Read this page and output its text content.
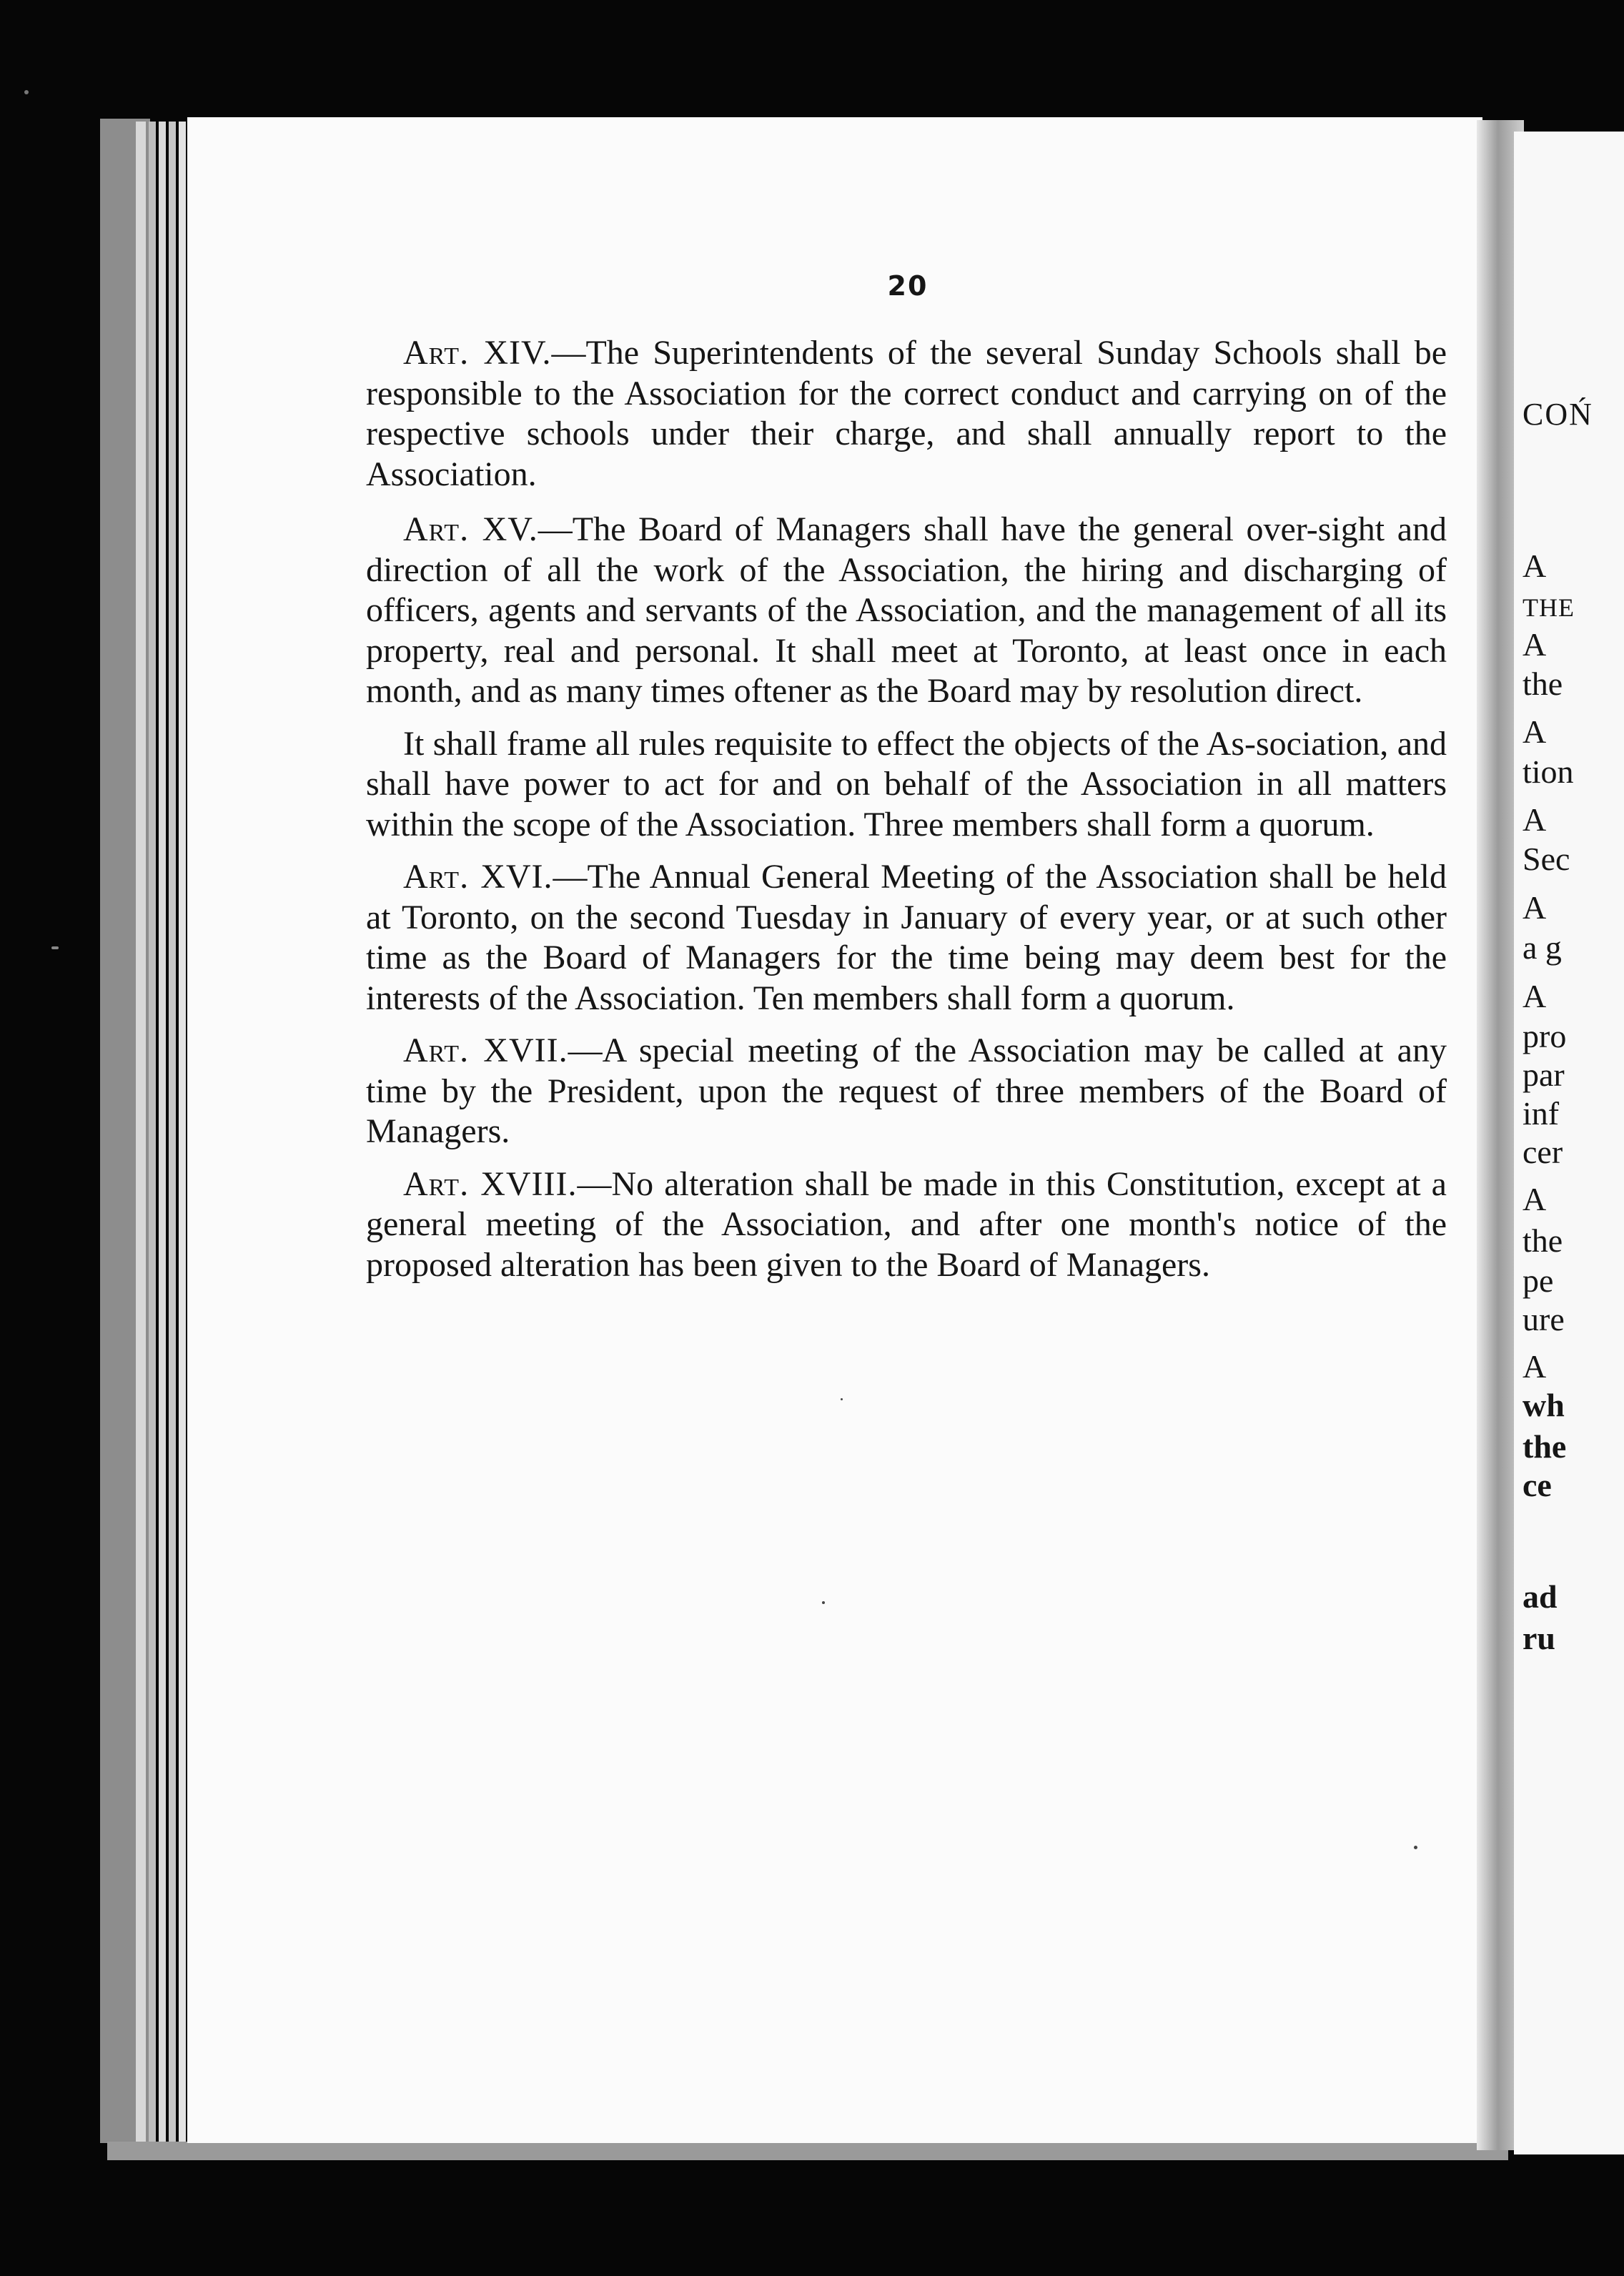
COŃ
A
THE
A
the
A
tion
A
Sec
A
a g
A
pro
par
inf
cer
A
the
pe
ure
A
wh
the
ce
ad
ru
20

Art. XIV.—The Superintendents of the several Sunday Schools shall be responsible to the Association for the correct conduct and carrying on of the respective schools under their charge, and shall annually report to the Association.

Art. XV.—The Board of Managers shall have the general over-sight and direction of all the work of the Association, the hiring and discharging of officers, agents and servants of the Association, and the management of all its property, real and personal. It shall meet at Toronto, at least once in each month, and as many times oftener as the Board may by resolution direct.

It shall frame all rules requisite to effect the objects of the As-sociation, and shall have power to act for and on behalf of the Association in all matters within the scope of the Association. Three members shall form a quorum.

Art. XVI.—The Annual General Meeting of the Association shall be held at Toronto, on the second Tuesday in January of every year, or at such other time as the Board of Managers for the time being may deem best for the interests of the Association. Ten members shall form a quorum.

Art. XVII.—A special meeting of the Association may be called at any time by the President, upon the request of three members of the Board of Managers.

Art. XVIII.—No alteration shall be made in this Constitution, except at a general meeting of the Association, and after one month's notice of the proposed alteration has been given to the Board of Managers.
